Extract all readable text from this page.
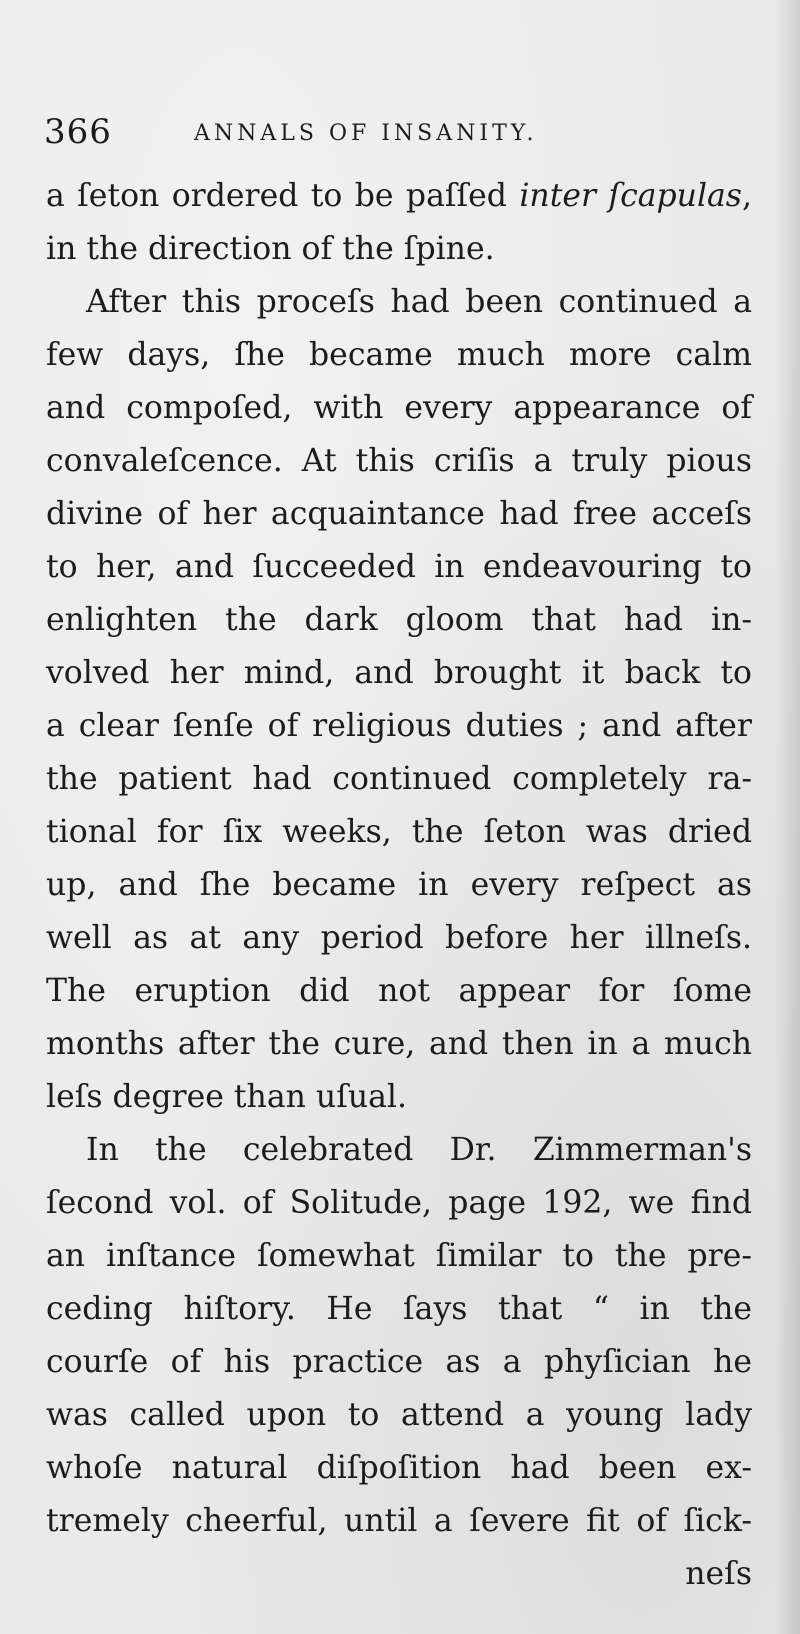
366	ANNALS OF INSANITY.
a ſeton ordered to be paſſed inter ſcapulas,
in the direction of the ſpine.
After this proceſs had been continued a
few days, ſhe became much more calm
and compoſed, with every appearance of
convaleſcence. At this criſis a truly pious
divine of her acquaintance had free acceſs
to her, and ſucceeded in endeavouring to
enlighten the dark gloom that had in-
volved her mind, and brought it back to
a clear ſenſe of religious duties ; and after
the patient had continued completely ra-
tional for ſix weeks, the ſeton was dried
up, and ſhe became in every reſpect as
well as at any period before her illneſs.
The eruption did not appear for ſome
months after the cure, and then in a much
leſs degree than uſual.
In the celebrated Dr. Zimmerman's
ſecond vol. of Solitude, page 192, we find
an inſtance ſomewhat ſimilar to the pre-
ceding hiſtory. He ſays that “ in the
courſe of his practice as a phyſician he
was called upon to attend a young lady
whoſe natural diſpoſition had been ex-
tremely cheerful, until a ſevere fit of ſick-
neſs
